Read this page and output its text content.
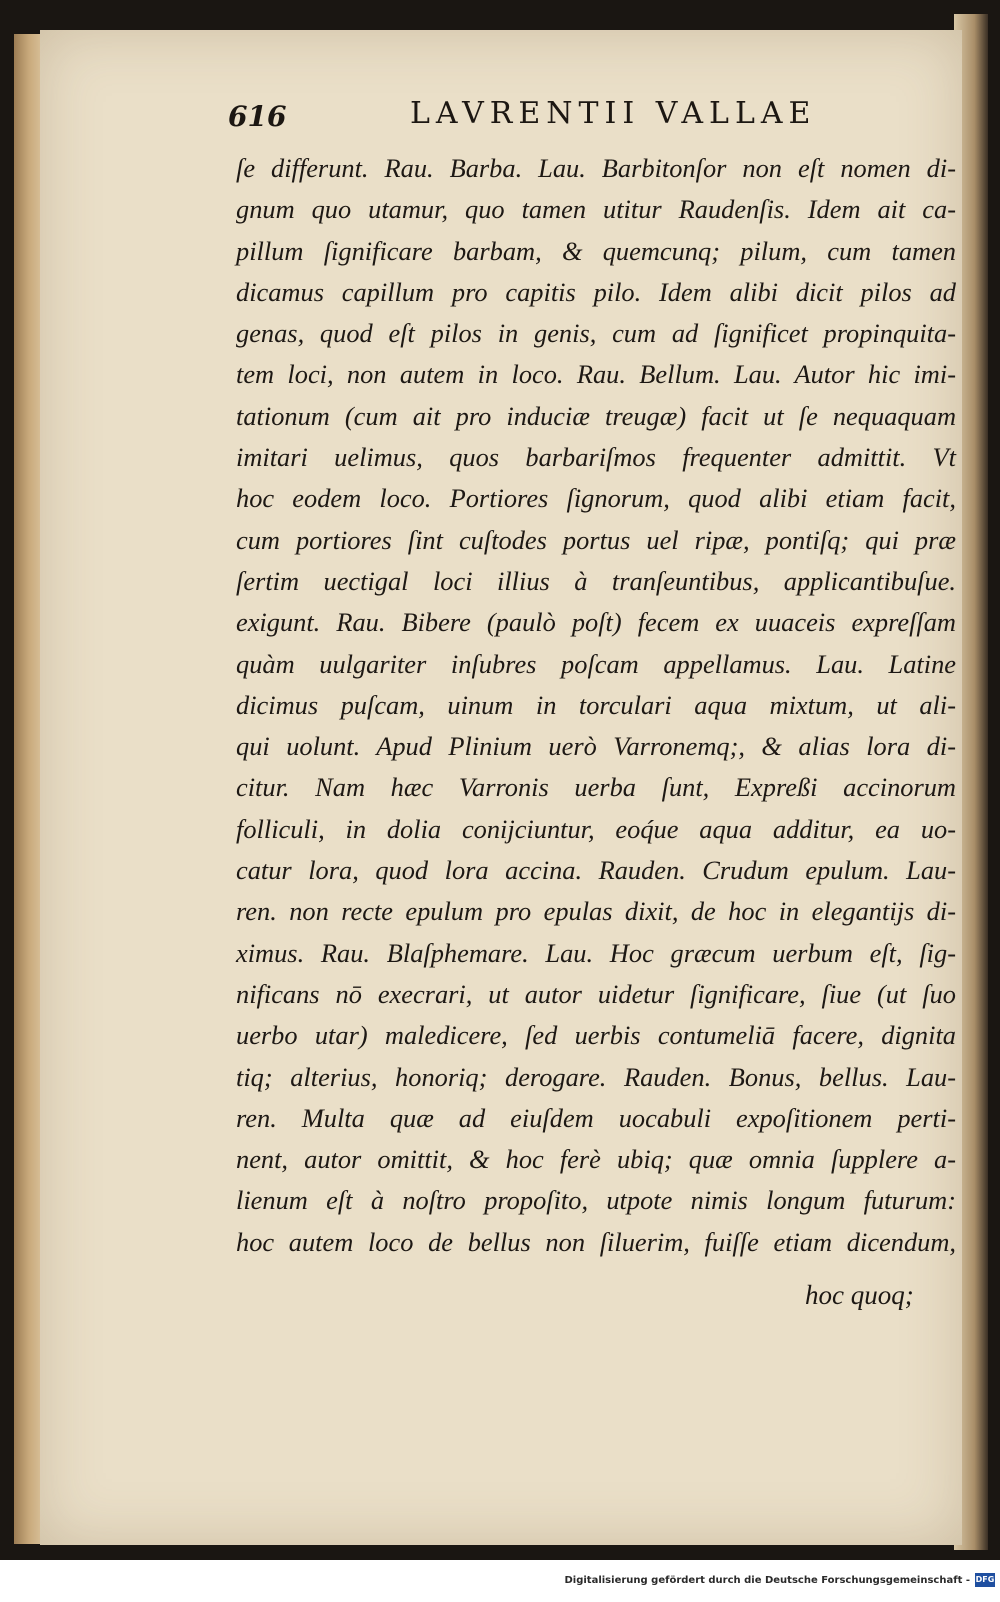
616	LAVRENTII VALLAE
ſe differunt. Rau. Barba. Lau. Barbitonſor non eſt nomen di-
gnum quo utamur, quo tamen utitur Raudenſis. Idem ait ca-
pillum ſignificare barbam, & quemcunq; pilum, cum tamen
dicamus capillum pro capitis pilo. Idem alibi dicit pilos ad
genas, quod eſt pilos in genis, cum ad ſignificet propinquita-
tem loci, non autem in loco. Rau. Bellum. Lau. Autor hic imi-
tationum (cum ait pro induciæ treugæ) facit ut ſe nequaquam
imitari uelimus, quos barbariſmos frequenter admittit. Vt
hoc eodem loco. Portiores ſignorum, quod alibi etiam facit,
cum portiores ſint cuſtodes portus uel ripæ, pontiſq; qui præ
ſertim uectigal loci illius à tranſeuntibus, applicantibuſue.
exigunt. Rau. Bibere (paulò poſt) fecem ex uuaceis expreſſam
quàm uulgariter inſubres poſcam appellamus. Lau. Latine
dicimus puſcam, uinum in torculari aqua mixtum, ut ali-
qui uolunt. Apud Plinium uerò Varronemq;, & alias lora di-
citur. Nam hæc Varronis uerba ſunt, Expreßi accinorum
folliculi, in dolia conijciuntur, eoq́ue aqua additur, ea uo-
catur lora, quod lora accina. Rauden. Crudum epulum. Lau-
ren. non recte epulum pro epulas dixit, de hoc in elegantijs di-
ximus. Rau. Blaſphemare. Lau. Hoc græcum uerbum eſt, ſig-
nificans nō execrari, ut autor uidetur ſignificare, ſiue (ut ſuo
uerbo utar) maledicere, ſed uerbis contumeliā facere, dignita
tiq; alterius, honoriq; derogare. Rauden. Bonus, bellus. Lau-
ren. Multa quæ ad eiuſdem uocabuli expoſitionem perti-
nent, autor omittit, & hoc ferè ubiq; quæ omnia ſupplere a-
lienum eſt à noſtro propoſito, utpote nimis longum futurum:
hoc autem loco de bellus non ſiluerim, fuiſſe etiam dicendum,
hoc quoq;
Digitalisierung gefördert durch die Deutsche Forschungsgemeinschaft - DFG
